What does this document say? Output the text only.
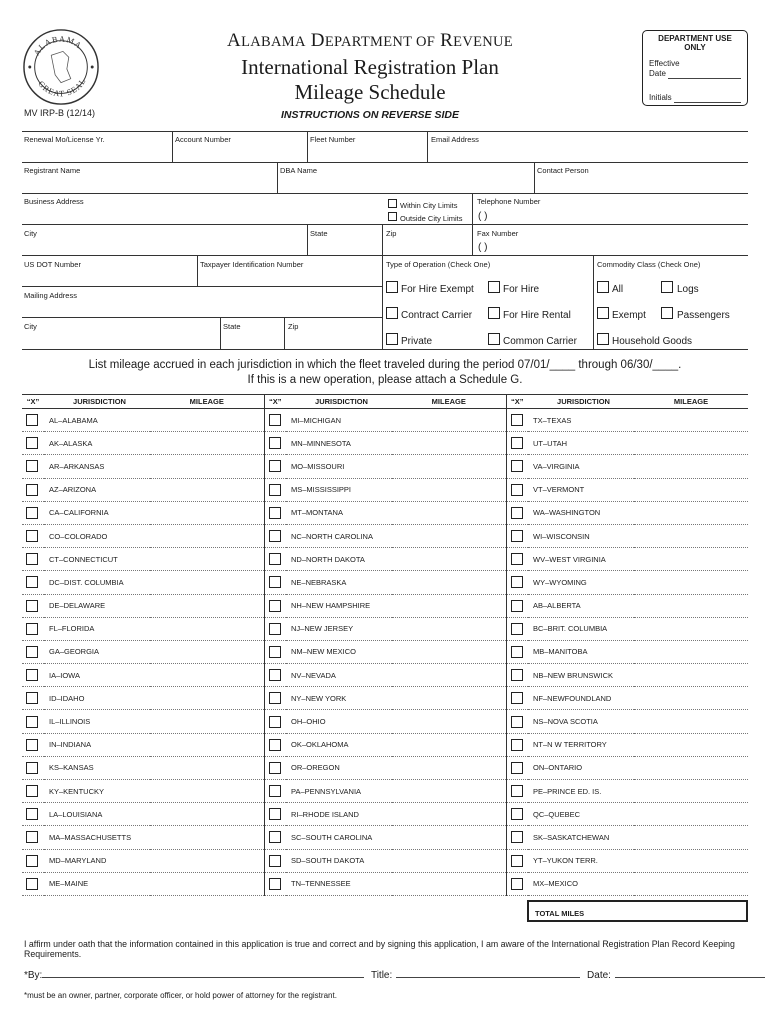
ALABAMA
GREAT SEAL
MV IRP-B (12/14)
ALABAMA DEPARTMENT OF REVENUE
International Registration Plan
Mileage Schedule
INSTRUCTIONS ON REVERSE SIDE
DEPARTMENT USE ONLY
Effective
Date
Initials
Renewal Mo/License Yr.	Account Number	Fleet Number	Email Address
Registrant Name	DBA Name	Contact Person
Business Address	Within City Limits
Outside City Limits
Telephone Number
( )
City	State	Zip	Fax Number
( )
US DOT Number	Taxpayer Identification Number	Type of Operation (Check One)	Commodity Class (Check One)
Mailing Address
City	State	Zip
For Hire Exempt	For Hire
Contract Carrier	For Hire Rental
Private	Common Carrier
All	Logs
Exempt	Passengers
Household Goods
List mileage accrued in each jurisdiction in which the fleet traveled during the period 07/01/____ through 06/30/____.
If this is a new operation, please attach a Schedule G.
“X”	JURISDICTION	MILEAGE	“X”	JURISDICTION	MILEAGE	“X”	JURISDICTION	MILEAGE

	AL–ALABAMA			MI–MICHIGAN			TX–TEXAS	

	AK–ALASKA			MN–MINNESOTA			UT–UTAH	

	AR–ARKANSAS			MO–MISSOURI			VA–VIRGINIA	

	AZ–ARIZONA			MS–MISSISSIPPI			VT–VERMONT	

	CA–CALIFORNIA			MT–MONTANA			WA–WASHINGTON	

	CO–COLORADO			NC–NORTH CAROLINA			WI–WISCONSIN	

	CT–CONNECTICUT			ND–NORTH DAKOTA			WV–WEST VIRGINIA	

	DC–DIST. COLUMBIA			NE–NEBRASKA			WY–WYOMING	

	DE–DELAWARE			NH–NEW HAMPSHIRE			AB–ALBERTA	

	FL–FLORIDA			NJ–NEW JERSEY			BC–BRIT. COLUMBIA	

	GA–GEORGIA			NM–NEW MEXICO			MB–MANITOBA	

	IA–IOWA			NV–NEVADA			NB–NEW BRUNSWICK	

	ID–IDAHO			NY–NEW YORK			NF–NEWFOUNDLAND	

	IL–ILLINOIS			OH–OHIO			NS–NOVA SCOTIA	

	IN–INDIANA			OK–OKLAHOMA			NT–N W TERRITORY	

	KS–KANSAS			OR–OREGON			ON–ONTARIO	

	KY–KENTUCKY			PA–PENNSYLVANIA			PE–PRINCE ED. IS.	

	LA–LOUISIANA			RI–RHODE ISLAND			QC–QUEBEC	

	MA–MASSACHUSETTS			SC–SOUTH CAROLINA			SK–SASKATCHEWAN	

	MD–MARYLAND			SD–SOUTH DAKOTA			YT–YUKON TERR.	

	ME–MAINE			TN–TENNESSEE			MX–MEXICO	
TOTAL MILES
I affirm under oath that the information contained in this application is true and correct and by signing this application, I am aware of the International Registration Plan Record Keeping Requirements.
*By:	Title:	Date:
*must be an owner, partner, corporate officer, or hold power of attorney for the registrant.
